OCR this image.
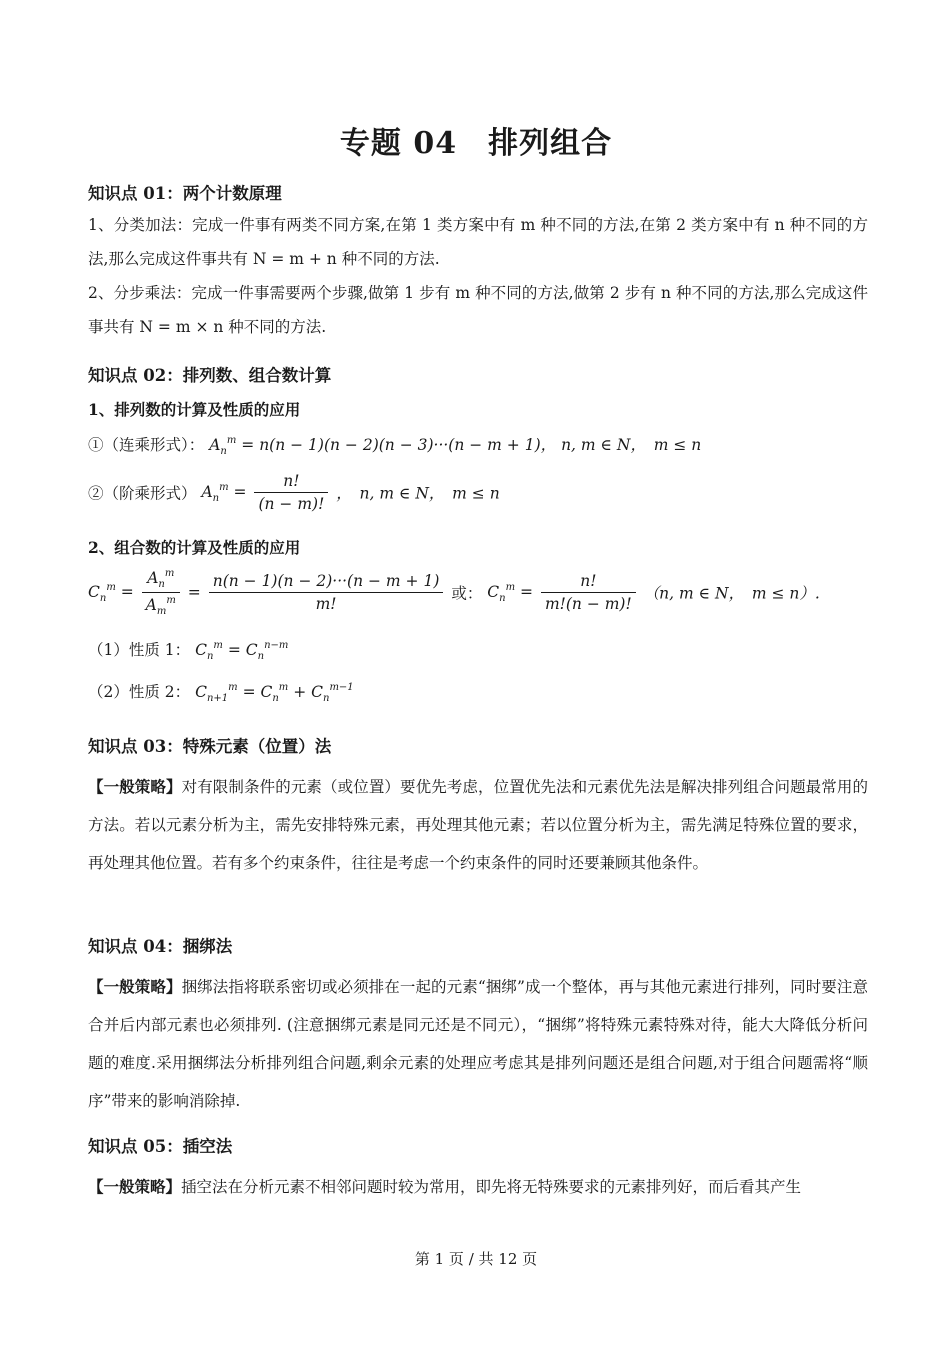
专题 04　排列组合
知识点 01：两个计数原理
1、分类加法：完成一件事有两类不同方案,在第 1 类方案中有 m 种不同的方法,在第 2 类方案中有 n 种不同的方法,那么完成这件事共有 N = m + n 种不同的方法.
2、分步乘法：完成一件事需要两个步骤,做第 1 步有 m 种不同的方法,做第 2 步有 n 种不同的方法,那么完成这件事共有 N = m × n 种不同的方法.
知识点 02：排列数、组合数计算
1、排列数的计算及性质的应用
①（连乘形式）： $A_n^m = n(n - 1)(n - 2)(n - 3)\cdot\cdot\cdot(n - m + 1)$， n, m ∈ N，　m ≤ n
②（阶乘形式） $A_n^m = \frac{n!}{(n - m)!}$ ，　n, m ∈ N，　m ≤ n
2、组合数的计算及性质的应用
$C_n^m = \frac{A_n^m}{A_m^m} = \frac{n(n - 1)(n - 2)\cdot\cdot\cdot(n - m + 1)}{m!}$ 或： $C_n^m = \frac{n!}{m!(n - m)!} (n$, m ∈ N，　m ≤ n）.
（1）性质 1： $C_n^m = C_n^{n-m}$
（2）性质 2： $C_{n+1}^m = C_n^m + C_n^{m-1}$
知识点 03：特殊元素（位置）法
【一般策略】对有限制条件的元素（或位置）要优先考虑，位置优先法和元素优先法是解决排列组合问题最常用的方法。若以元素分析为主，需先安排特殊元素，再处理其他元素；若以位置分析为主，需先满足特殊位置的要求，再处理其他位置。若有多个约束条件，往往是考虑一个约束条件的同时还要兼顾其他条件。
知识点 04：捆绑法
【一般策略】捆绑法指将联系密切或必须排在一起的元素“捆绑”成一个整体，再与其他元素进行排列，同时要注意合并后内部元素也必须排列. (注意捆绑元素是同元还是不同元），“捆绑”将特殊元素特殊对待，能大大降低分析问题的难度.采用捆绑法分析排列组合问题,剩余元素的处理应考虑其是排列问题还是组合问题,对于组合问题需将“顺序”带来的影响消除掉.
知识点 05：插空法
【一般策略】插空法在分析元素不相邻问题时较为常用，即先将无特殊要求的元素排列好，而后看其产生
第 1 页 / 共 12 页
